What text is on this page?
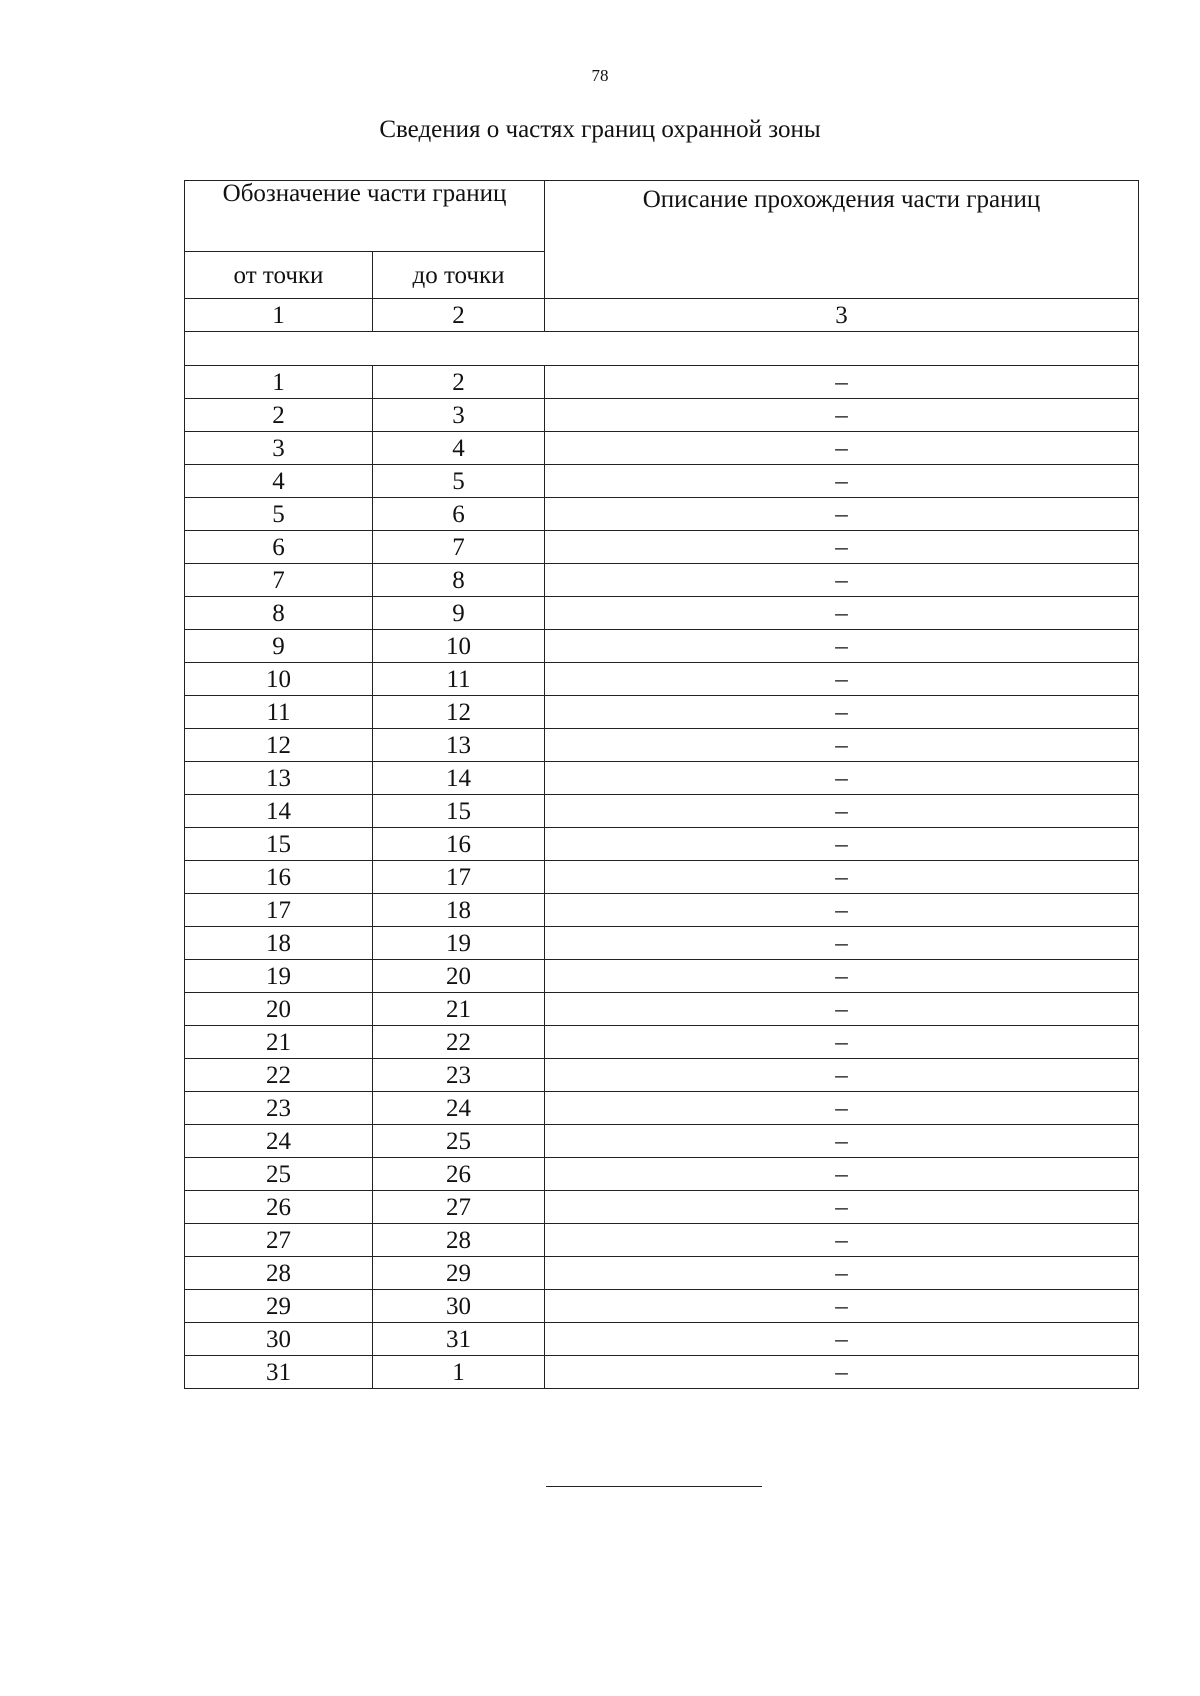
78
Сведения о частях границ охранной зоны
Обозначение части границ		Описание прохождения части границ
от точки	до точки	
1	2	3

1	2	–
2	3	–
3	4	–
4	5	–
5	6	–
6	7	–
7	8	–
8	9	–
9	10	–
10	11	–
11	12	–
12	13	–
13	14	–
14	15	–
15	16	–
16	17	–
17	18	–
18	19	–
19	20	–
20	21	–
21	22	–
22	23	–
23	24	–
24	25	–
25	26	–
26	27	–
27	28	–
28	29	–
29	30	–
30	31	–
31	1	–
